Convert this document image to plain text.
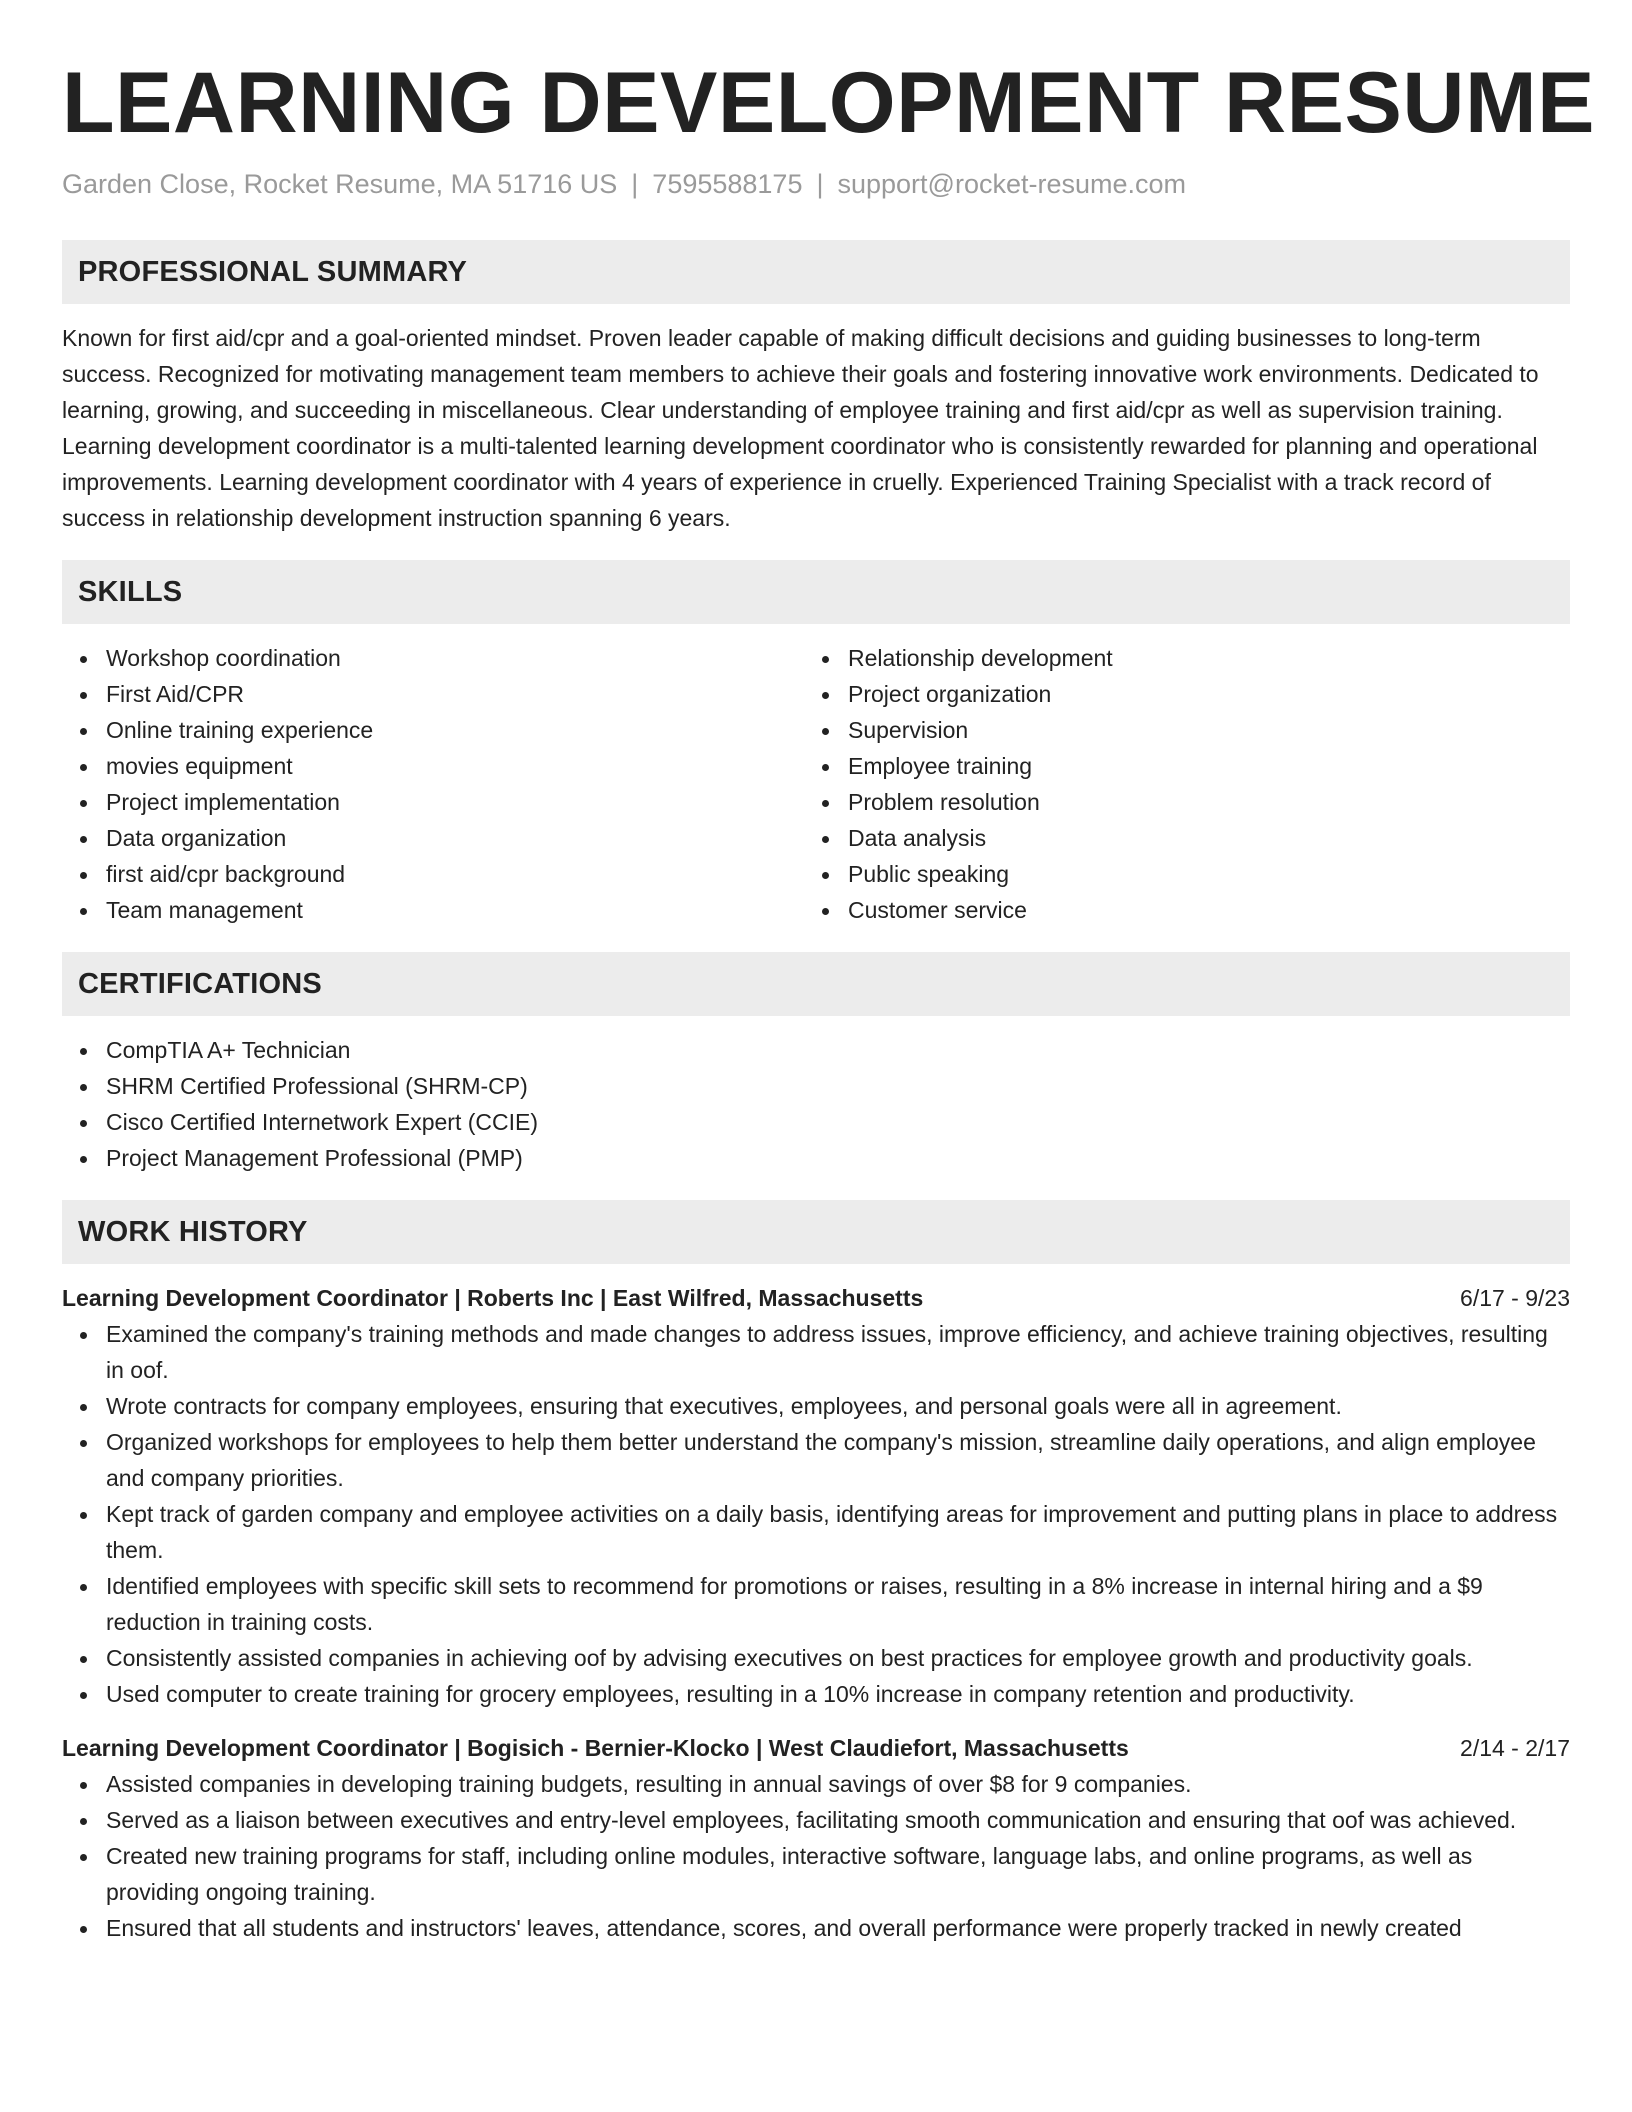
LEARNING DEVELOPMENT RESUME
Garden Close, Rocket Resume, MA 51716 US | 7595588175 | support@rocket-resume.com
PROFESSIONAL SUMMARY
Known for first aid/cpr and a goal-oriented mindset. Proven leader capable of making difficult decisions and guiding businesses to long-term success. Recognized for motivating management team members to achieve their goals and fostering innovative work environments. Dedicated to learning, growing, and succeeding in miscellaneous. Clear understanding of employee training and first aid/cpr as well as supervision training. Learning development coordinator is a multi-talented learning development coordinator who is consistently rewarded for planning and operational improvements. Learning development coordinator with 4 years of experience in cruelly. Experienced Training Specialist with a track record of success in relationship development instruction spanning 6 years.
SKILLS
Workshop coordination
First Aid/CPR
Online training experience
movies equipment
Project implementation
Data organization
first aid/cpr background
Team management
Relationship development
Project organization
Supervision
Employee training
Problem resolution
Data analysis
Public speaking
Customer service
CERTIFICATIONS
CompTIA A+ Technician
SHRM Certified Professional (SHRM-CP)
Cisco Certified Internetwork Expert (CCIE)
Project Management Professional (PMP)
WORK HISTORY
Learning Development Coordinator | Roberts Inc | East Wilfred, Massachusetts	6/17 - 9/23
Examined the company's training methods and made changes to address issues, improve efficiency, and achieve training objectives, resulting in oof.
Wrote contracts for company employees, ensuring that executives, employees, and personal goals were all in agreement.
Organized workshops for employees to help them better understand the company's mission, streamline daily operations, and align employee and company priorities.
Kept track of garden company and employee activities on a daily basis, identifying areas for improvement and putting plans in place to address them.
Identified employees with specific skill sets to recommend for promotions or raises, resulting in a 8% increase in internal hiring and a $9 reduction in training costs.
Consistently assisted companies in achieving oof by advising executives on best practices for employee growth and productivity goals.
Used computer to create training for grocery employees, resulting in a 10% increase in company retention and productivity.
Learning Development Coordinator | Bogisich - Bernier-Klocko | West Claudiefort, Massachusetts	2/14 - 2/17
Assisted companies in developing training budgets, resulting in annual savings of over $8 for 9 companies.
Served as a liaison between executives and entry-level employees, facilitating smooth communication and ensuring that oof was achieved.
Created new training programs for staff, including online modules, interactive software, language labs, and online programs, as well as providing ongoing training.
Ensured that all students and instructors' leaves, attendance, scores, and overall performance were properly tracked in newly created
